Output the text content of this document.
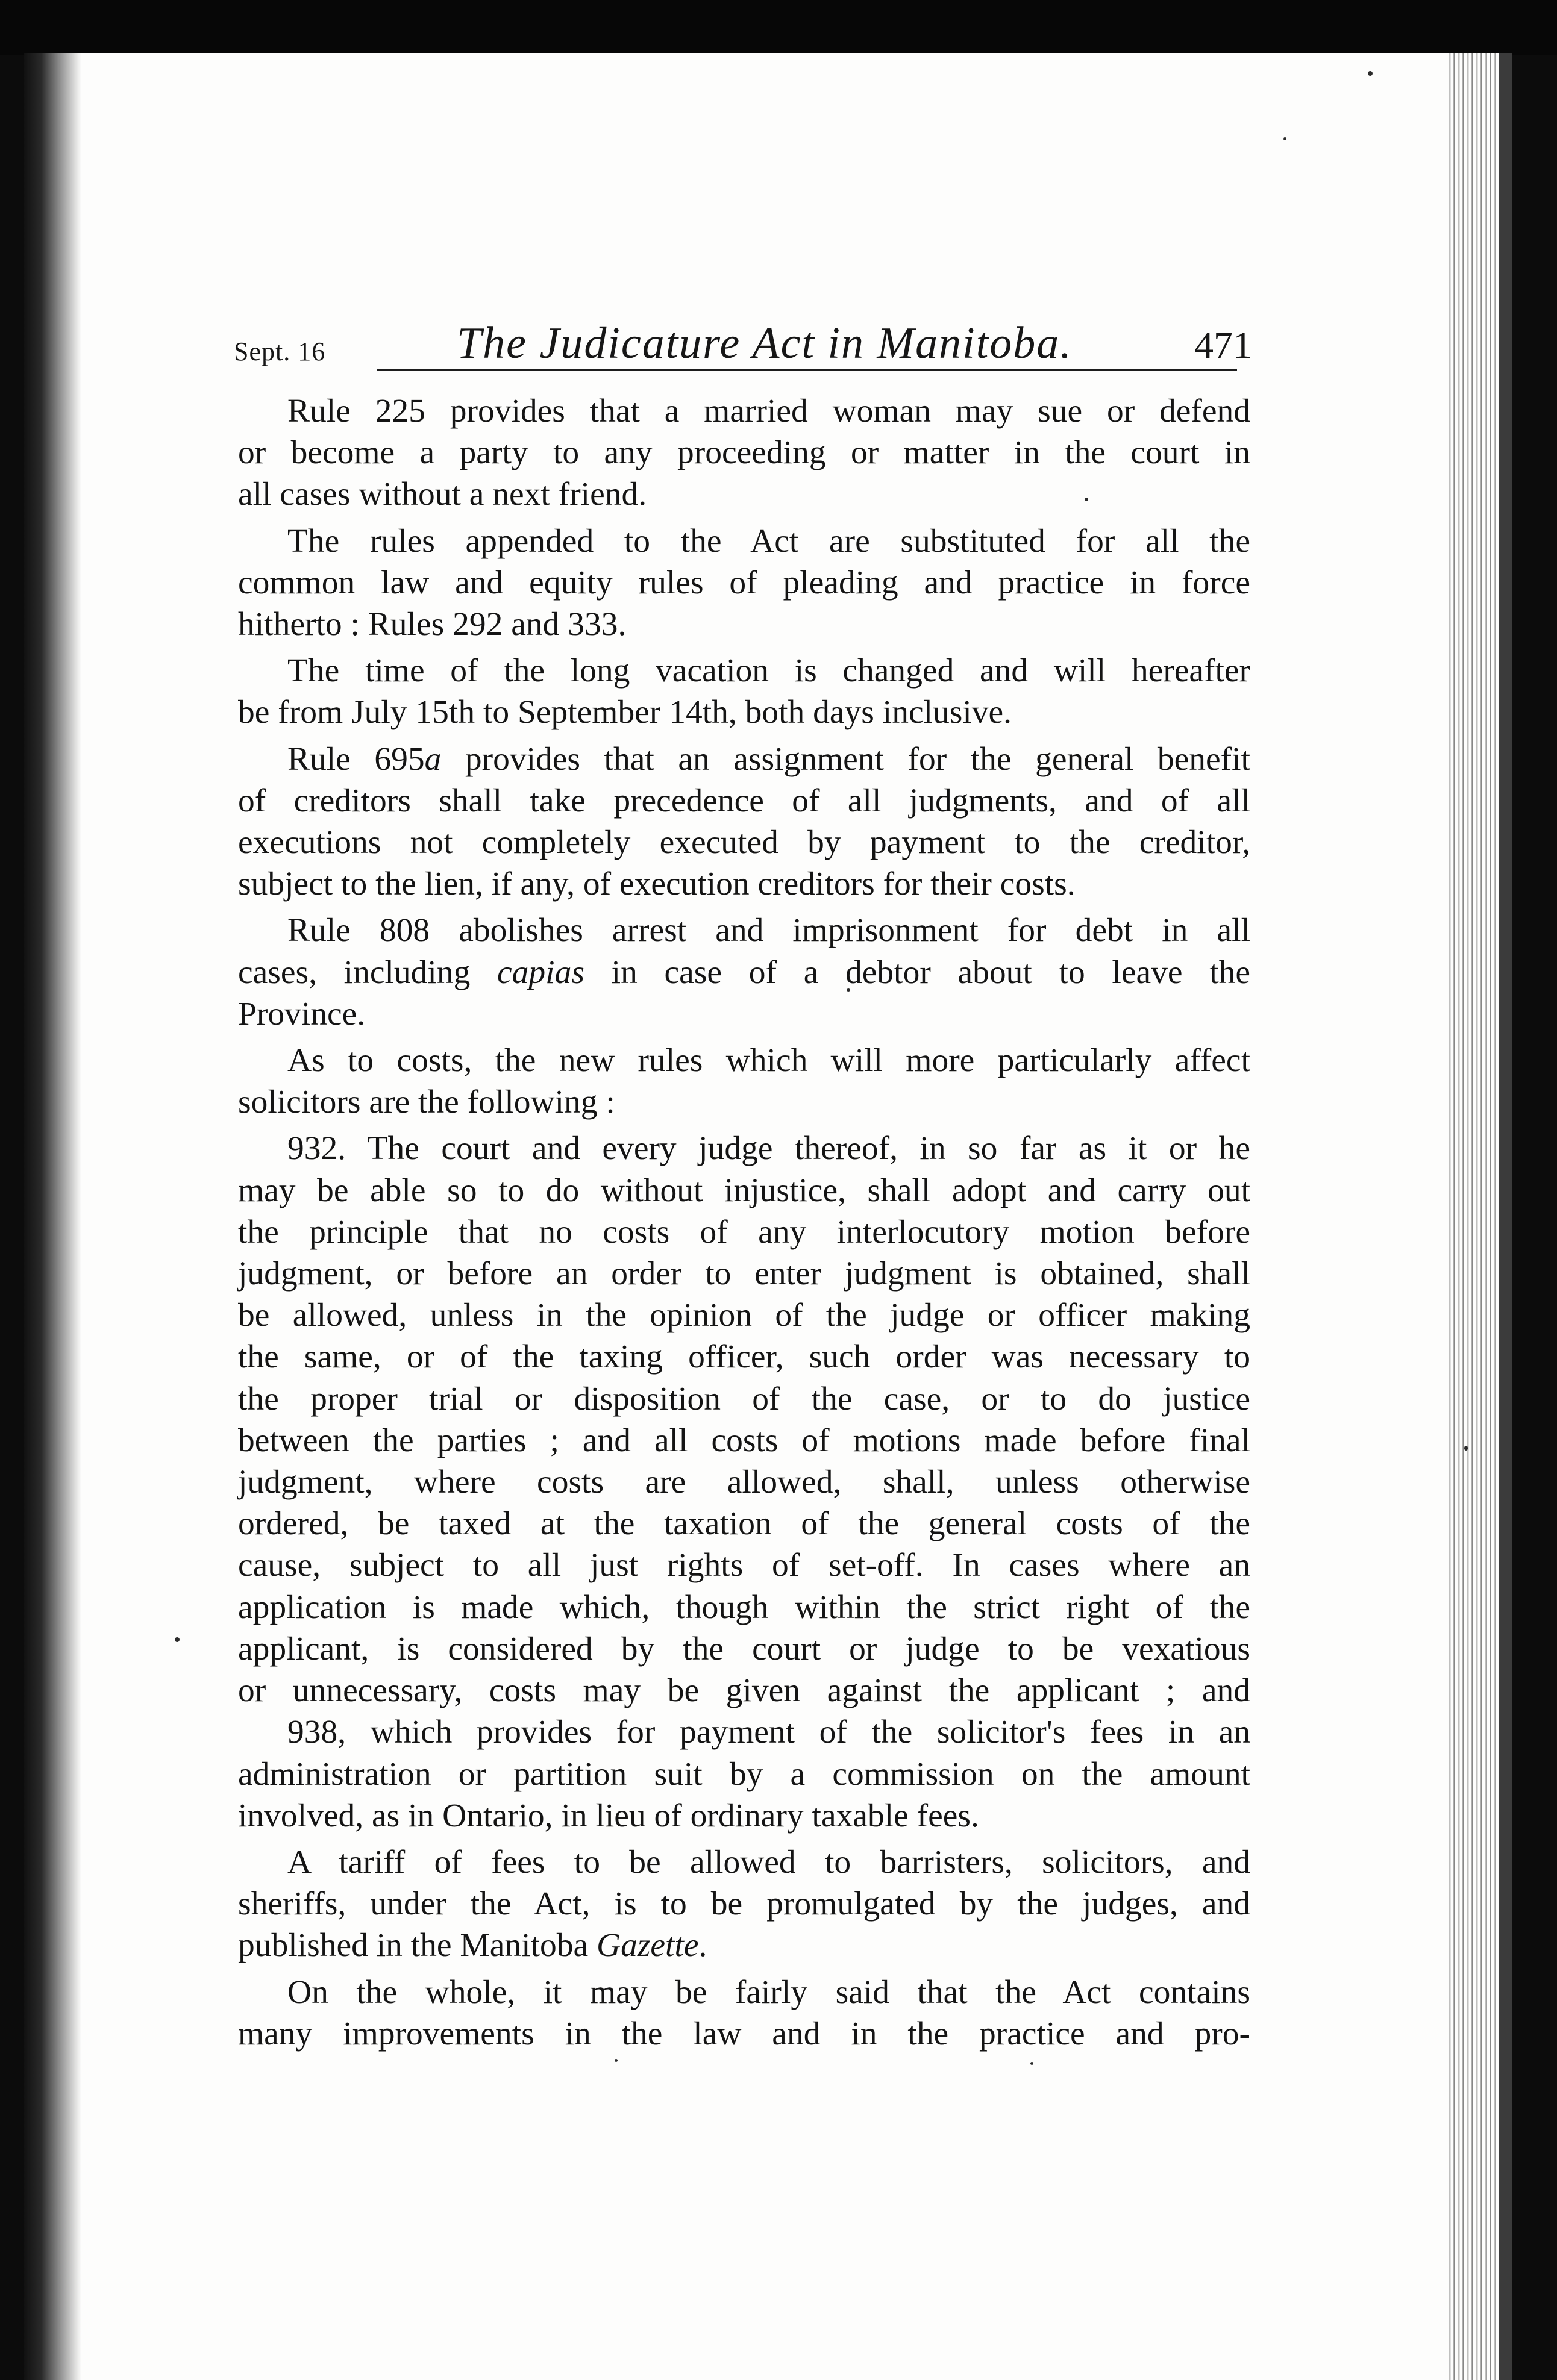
Sept. 16	The Judicature Act in Manitoba.	471
Rule 225 provides that a married woman may sue or defend
or become a party to any proceeding or matter in the court in
all cases without a next friend.
The rules appended to the Act are substituted for all the
common law and equity rules of pleading and practice in force
hitherto : Rules 292 and 333.
The time of the long vacation is changed and will hereafter
be from July 15th to September 14th, both days inclusive.
Rule 695a provides that an assignment for the general benefit
of creditors shall take precedence of all judgments, and of all
executions not completely executed by payment to the creditor,
subject to the lien, if any, of execution creditors for their costs.
Rule 808 abolishes arrest and imprisonment for debt in all
cases, including capias in case of a debtor about to leave the
Province.
As to costs, the new rules which will more particularly affect
solicitors are the following :
932. The court and every judge thereof, in so far as it or he
may be able so to do without injustice, shall adopt and carry out
the principle that no costs of any interlocutory motion before
judgment, or before an order to enter judgment is obtained, shall
be allowed, unless in the opinion of the judge or officer making
the same, or of the taxing officer, such order was necessary to
the proper trial or disposition of the case, or to do justice
between the parties ; and all costs of motions made before final
judgment, where costs are allowed, shall, unless otherwise
ordered, be taxed at the taxation of the general costs of the
cause, subject to all just rights of set-off. In cases where an
application is made which, though within the strict right of the
applicant, is considered by the court or judge to be vexatious
or unnecessary, costs may be given against the applicant ; and
938, which provides for payment of the solicitor's fees in an
administration or partition suit by a commission on the amount
involved, as in Ontario, in lieu of ordinary taxable fees.
A tariff of fees to be allowed to barristers, solicitors, and
sheriffs, under the Act, is to be promulgated by the judges, and
published in the Manitoba Gazette.
On the whole, it may be fairly said that the Act contains
many improvements in the law and in the practice and pro-
